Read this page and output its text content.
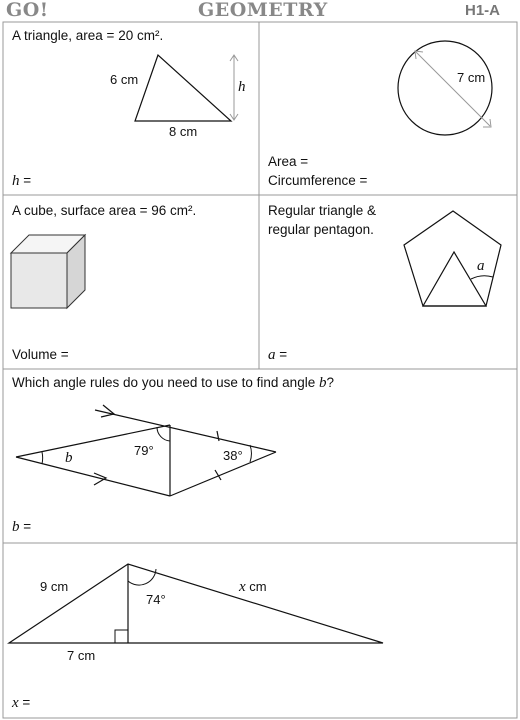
GO!	GEOMETRY	H1-A
A triangle, area = 20 cm².
6 cm
8 cm
h
h =
7 cm
Area =
Circumference =
A cube, surface area = 96 cm².
Volume =
Regular triangle &
regular pentagon.
a
a =
Which angle rules do you need to use to find angle b?
79°	38°
b
b =
9 cm
74°
7 cm
x cm
x =
